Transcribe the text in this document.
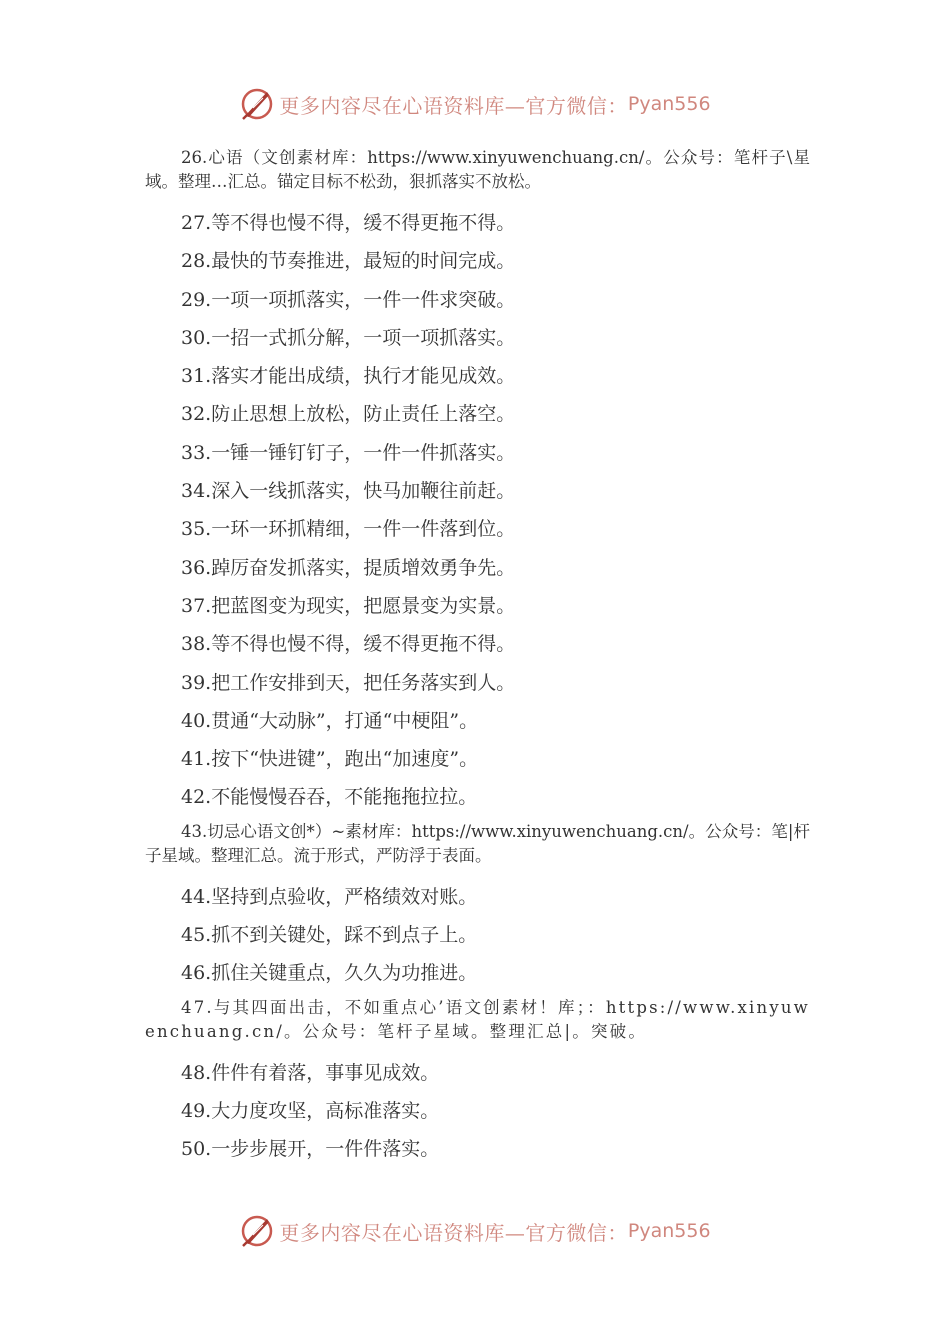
更多内容尽在心语资料库—官方微信： Pyan556
26.心语（文创素材库：https://www.xinyuwenchuang.cn/。公众号：笔杆子\星域。整理…汇总。锚定目标不松劲，狠抓落实不放松。
27.等不得也慢不得，缓不得更拖不得。
28.最快的节奏推进，最短的时间完成。
29.一项一项抓落实，一件一件求突破。
30.一招一式抓分解，一项一项抓落实。
31.落实才能出成绩，执行才能见成效。
32.防止思想上放松，防止责任上落空。
33.一锤一锤钉钉子，一件一件抓落实。
34.深入一线抓落实，快马加鞭往前赶。
35.一环一环抓精细，一件一件落到位。
36.踔厉奋发抓落实，提质增效勇争先。
37.把蓝图变为现实，把愿景变为实景。
38.等不得也慢不得，缓不得更拖不得。
39.把工作安排到天，把任务落实到人。
40.贯通“大动脉”，打通“中梗阻”。
41.按下“快进键”，跑出“加速度”。
42.不能慢慢吞吞，不能拖拖拉拉。
43.切忌心语文创*）~素材库：https://www.xinyuwenchuang.cn/。公众号：笔|杆子星域。整理汇总。流于形式，严防浮于表面。
44.坚持到点验收，严格绩效对账。
45.抓不到关键处，踩不到点子上。
46.抓住关键重点，久久为功推进。
47.与其四面出击，不如重点心’语文创素材！库；：https://www.xinyuwenchuang.cn/。公众号：笔杆子星域。整理汇总|。突破。
48.件件有着落，事事见成效。
49.大力度攻坚，高标准落实。
50.一步步展开，一件件落实。
更多内容尽在心语资料库—官方微信： Pyan556
